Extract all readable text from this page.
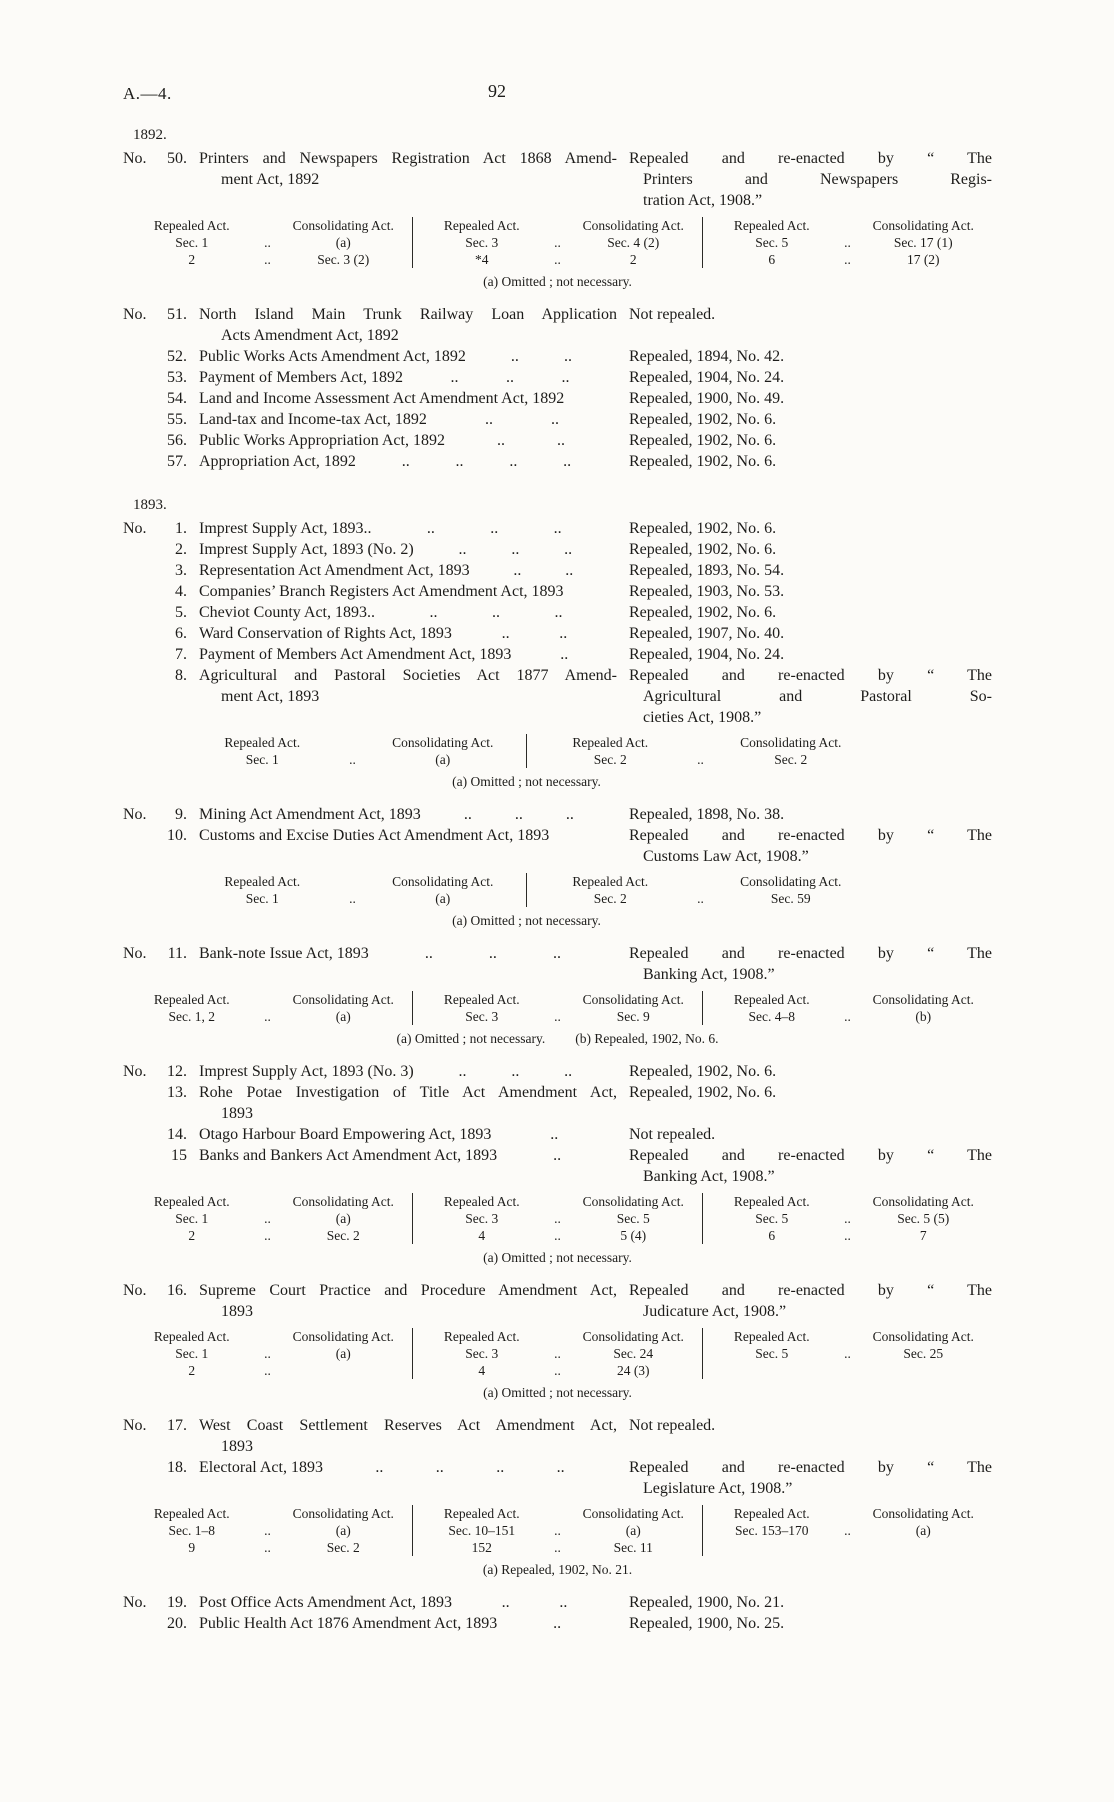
A.—4.	92
1892.
No.	50. Printers and Newspapers Registration Act 1868 Amend-
ment Act, 1892
Repealed and re-enacted by “ The
Printers and Newspapers Regis-
tration Act, 1908.”
Repealed Act.	Consolidating Act.
Sec. 1	..	(a)
2	..	Sec. 3 (2)
Repealed Act.	Consolidating Act.
Sec. 3	..	Sec. 4 (2)
*4	..	2
Repealed Act.	Consolidating Act.
Sec. 5	..	Sec. 17 (1)
6	..	17 (2)
(a) Omitted ; not necessary.
No.	51. North Island Main Trunk Railway Loan Application
Acts Amendment Act, 1892
Not repealed.
52. Public Works Acts Amendment Act, 1892	..	..	Repealed, 1894, No. 42.
53. Payment of Members Act, 1892	..	..	..	Repealed, 1904, No. 24.
54. Land and Income Assessment Act Amendment Act, 1892	Repealed, 1900, No. 49.
55. Land-tax and Income-tax Act, 1892	..	..	Repealed, 1902, No. 6.
56. Public Works Appropriation Act, 1892	..	..	Repealed, 1902, No. 6.
57. Appropriation Act, 1892	..	..	..	..	Repealed, 1902, No. 6.
1893.
No.	1. Imprest Supply Act, 1893..	..	..	..	Repealed, 1902, No. 6.
2. Imprest Supply Act, 1893 (No. 2)	..	..	..	Repealed, 1902, No. 6.
3. Representation Act Amendment Act, 1893	..	..	Repealed, 1893, No. 54.
4. Companies’ Branch Registers Act Amendment Act, 1893	Repealed, 1903, No. 53.
5. Cheviot County Act, 1893..	..	..	..	Repealed, 1902, No. 6.
6. Ward Conservation of Rights Act, 1893	..	..	Repealed, 1907, No. 40.
7. Payment of Members Act Amendment Act, 1893	..	Repealed, 1904, No. 24.
8. Agricultural and Pastoral Societies Act 1877 Amend-
ment Act, 1893
Repealed and re-enacted by “ The
Agricultural and Pastoral So-
cieties Act, 1908.”
Repealed Act.	Consolidating Act.
Sec. 1	..	(a)
Repealed Act.	Consolidating Act.
Sec. 2	..	Sec. 2
(a) Omitted ; not necessary.
No.	9. Mining Act Amendment Act, 1893	..	..	..	Repealed, 1898, No. 38.
10. Customs and Excise Duties Act Amendment Act, 1893	Repealed and re-enacted by “ The
Customs Law Act, 1908.”
Repealed Act.	Consolidating Act.
Sec. 1	..	(a)
Repealed Act.	Consolidating Act.
Sec. 2	..	Sec. 59
(a) Omitted ; not necessary.
No.	11. Bank-note Issue Act, 1893	..	..	..	Repealed and re-enacted by “ The
Banking Act, 1908.”
Repealed Act.	Consolidating Act.
Sec. 1, 2	..	(a)
Repealed Act.	Consolidating Act.
Sec. 3	..	Sec. 9
Repealed Act.	Consolidating Act.
Sec. 4–8	..	(b)
(a) Omitted ; not necessary. (b) Repealed, 1902, No. 6.
No.	12. Imprest Supply Act, 1893 (No. 3)	..	..	..	Repealed, 1902, No. 6.
13. Rohe Potae Investigation of Title Act Amendment Act,
1893
Repealed, 1902, No. 6.
14. Otago Harbour Board Empowering Act, 1893	..	Not repealed.
15 Banks and Bankers Act Amendment Act, 1893	..	Repealed and re-enacted by “ The
Banking Act, 1908.”
Repealed Act.	Consolidating Act.
Sec. 1	..	(a)
2	..	Sec. 2
Repealed Act.	Consolidating Act.
Sec. 3	..	Sec. 5
4	..	5 (4)
Repealed Act.	Consolidating Act.
Sec. 5	..	Sec. 5 (5)
6	..	7
(a) Omitted ; not necessary.
No.	16. Supreme Court Practice and Procedure Amendment Act,
1893
Repealed and re-enacted by “ The
Judicature Act, 1908.”
Repealed Act.	Consolidating Act.
Sec. 1	..	(a)
2	..
Repealed Act.	Consolidating Act.
Sec. 3	..	Sec. 24
4	..	24 (3)
Repealed Act.	Consolidating Act.
Sec. 5	..	Sec. 25
(a) Omitted ; not necessary.
No.	17. West Coast Settlement Reserves Act Amendment Act,
1893
Not repealed.
18. Electoral Act, 1893	..	..	..	..	Repealed and re-enacted by “ The
Legislature Act, 1908.”
Repealed Act.	Consolidating Act.
Sec. 1–8	..	(a)
9	..	Sec. 2
Repealed Act.	Consolidating Act.
Sec. 10–151	..	(a)
152	..	Sec. 11
Repealed Act.	Consolidating Act.
Sec. 153–170	..	(a)
(a) Repealed, 1902, No. 21.
No.	19. Post Office Acts Amendment Act, 1893	..	..	Repealed, 1900, No. 21.
20. Public Health Act 1876 Amendment Act, 1893	..	Repealed, 1900, No. 25.
